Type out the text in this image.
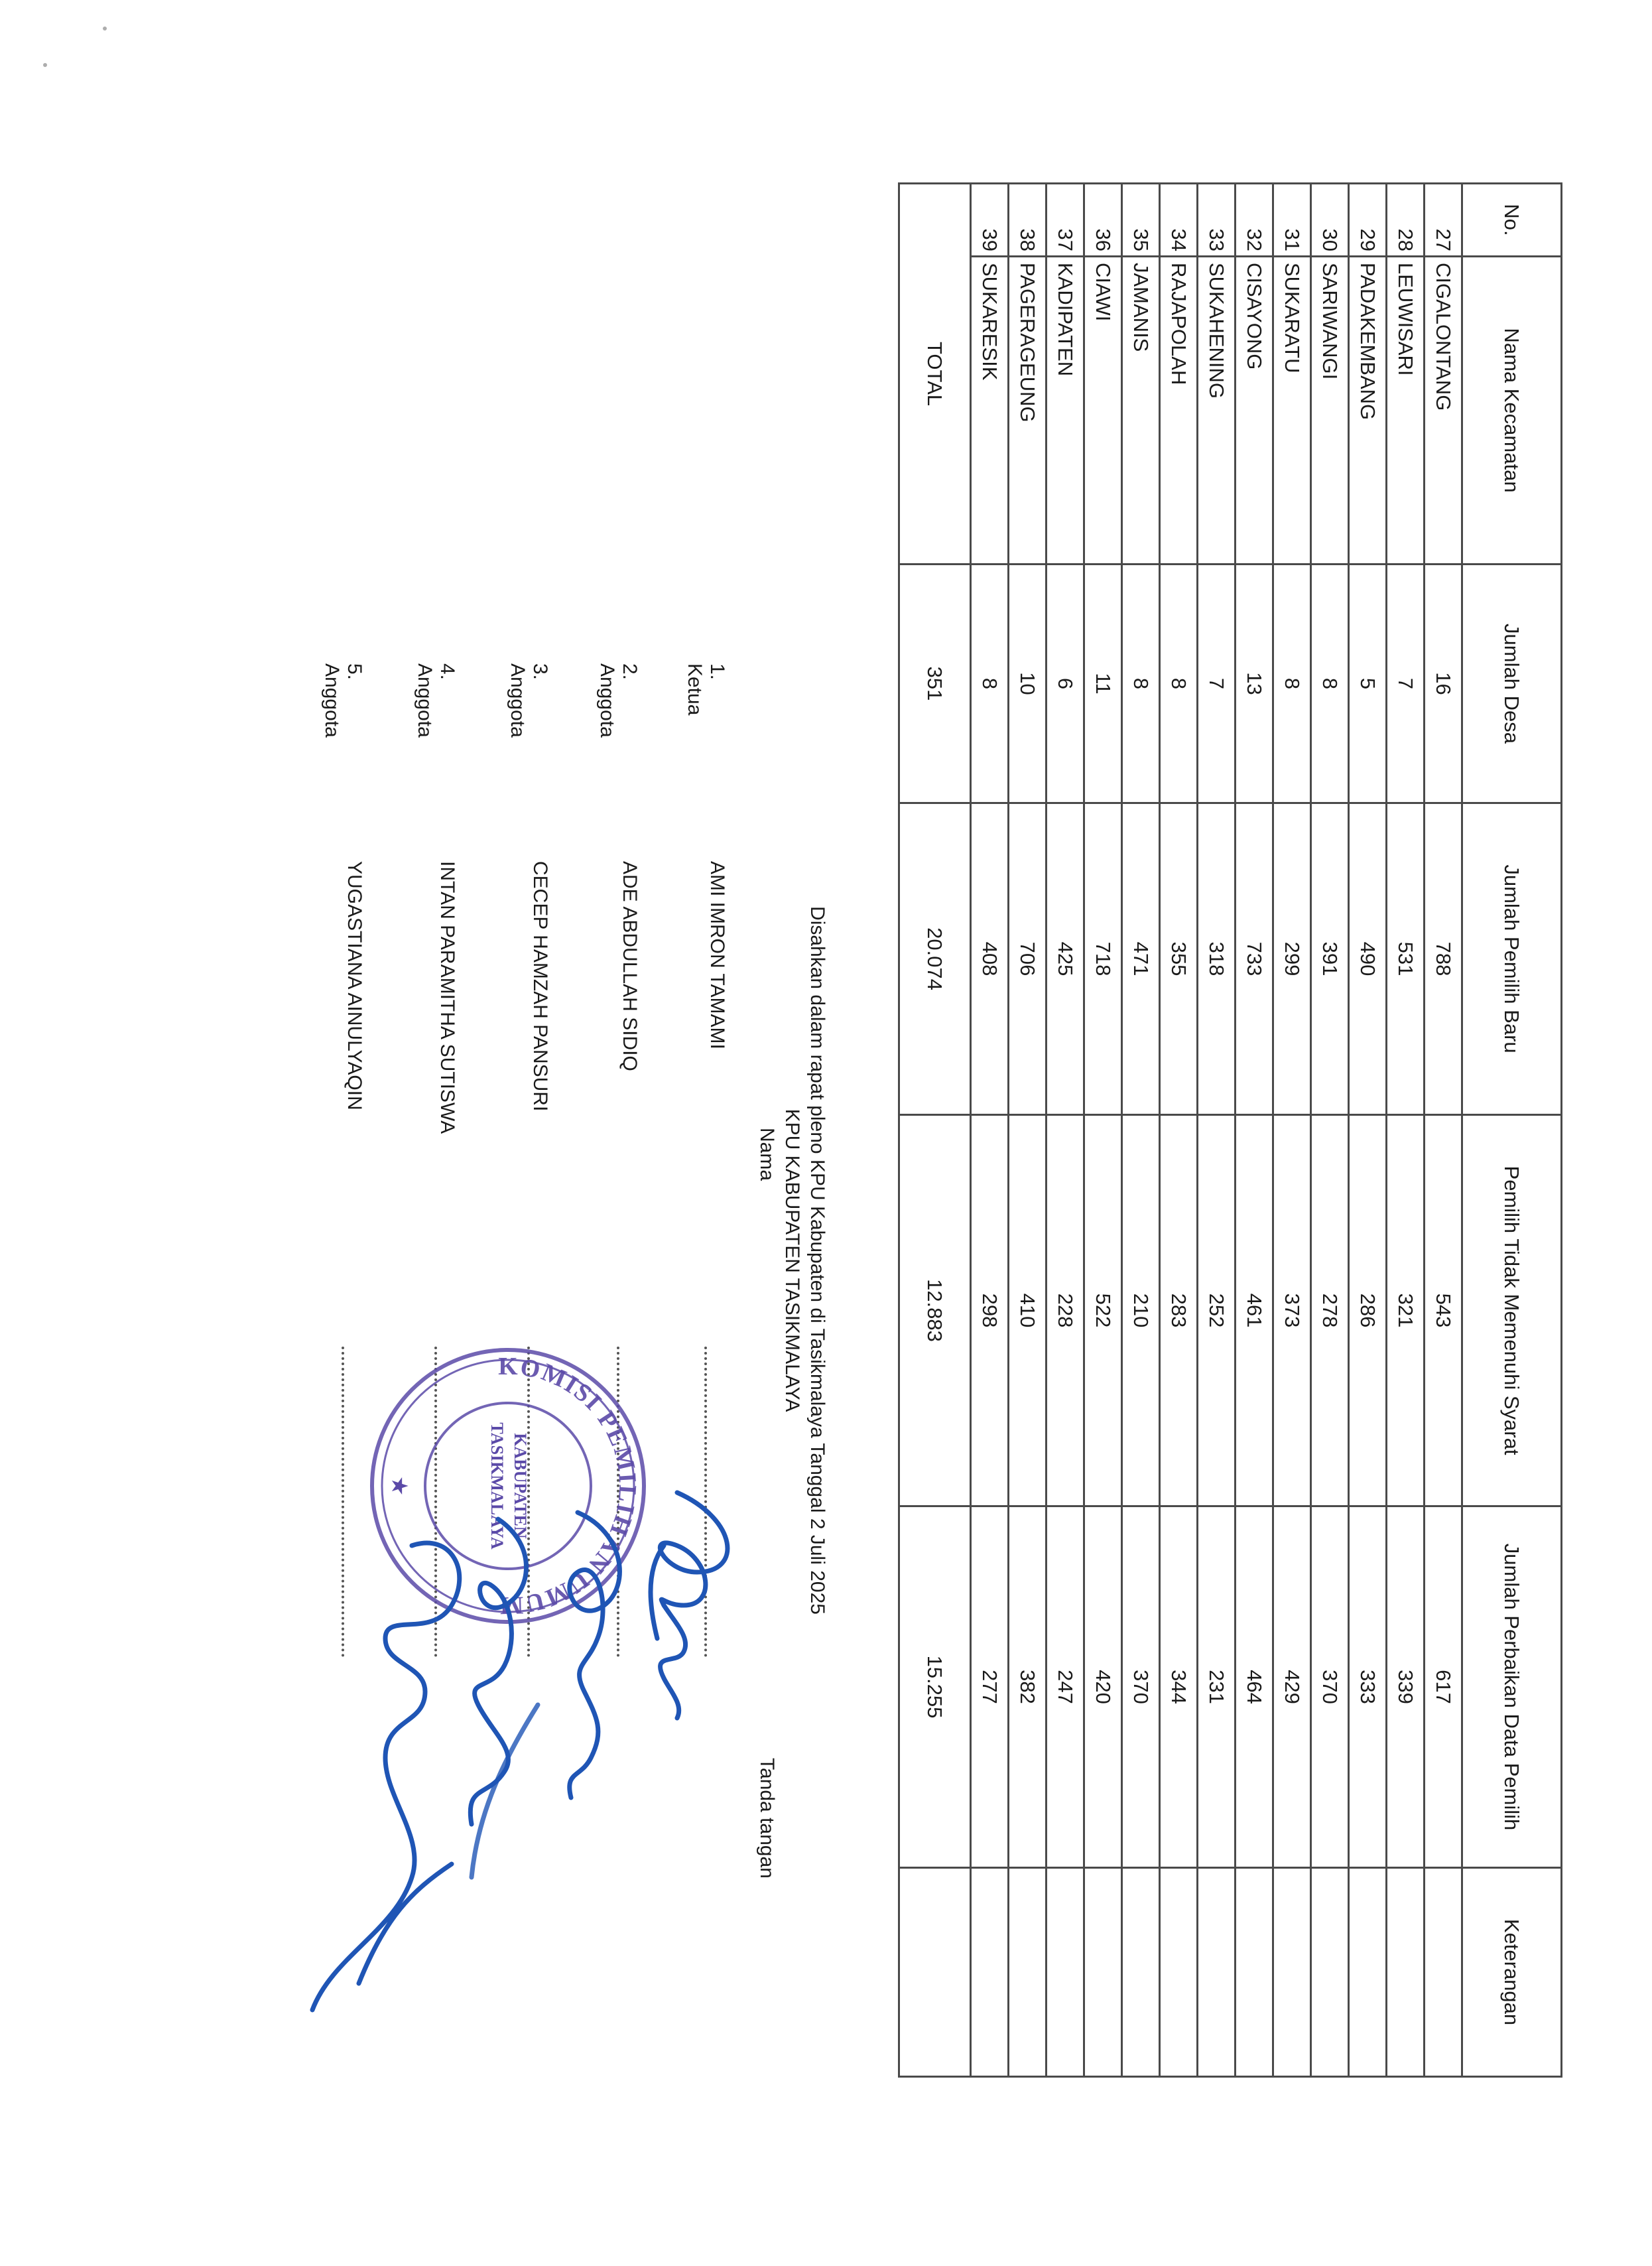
No.	Nama Kecamatan	Jumlah Desa	Jumlah Pemilih Baru	Pemilih Tidak Memenuhi Syarat	Jumlah Perbaikan Data Pemilih	Keterangan
27	CIGALONTANG	16	788	543	617	
28	LEUWISARI	7	531	321	339	
29	PADAKEMBANG	5	490	286	333	
30	SARIWANGI	8	391	278	370	
31	SUKARATU	8	299	373	429	
32	CISAYONG	13	733	461	464	
33	SUKAHENING	7	318	252	231	
34	RAJAPOLAH	8	355	283	344	
35	JAMANIS	8	471	210	370	
36	CIAWI	11	718	522	420	
37	KADIPATEN	6	425	228	247	
38	PAGERAGEUNG	10	706	410	382	
39	SUKARESIK	8	408	298	277	
TOTAL		351	20.074	12.883	15.255	
Disahkan dalam rapat pleno KPU Kabupaten di Tasikmalaya Tanggal 2 Juli 2025
KPU KABUPATEN TASIKMALAYA
Nama
Tanda tangan
1. Ketua
AMI IMRON TAMAMI
2. Anggota
ADE ABDULLAH SIDIQ
3. Anggota
CECEP HAMZAH PANSURI
4. Anggota
INTAN PARAMITHA SUTISWA
5. Anggota
YUGASTIANA AINULYAQIN
KOMISI PEMILIHAN UMUM
KABUPATEN
TASIKMALAYA
★
